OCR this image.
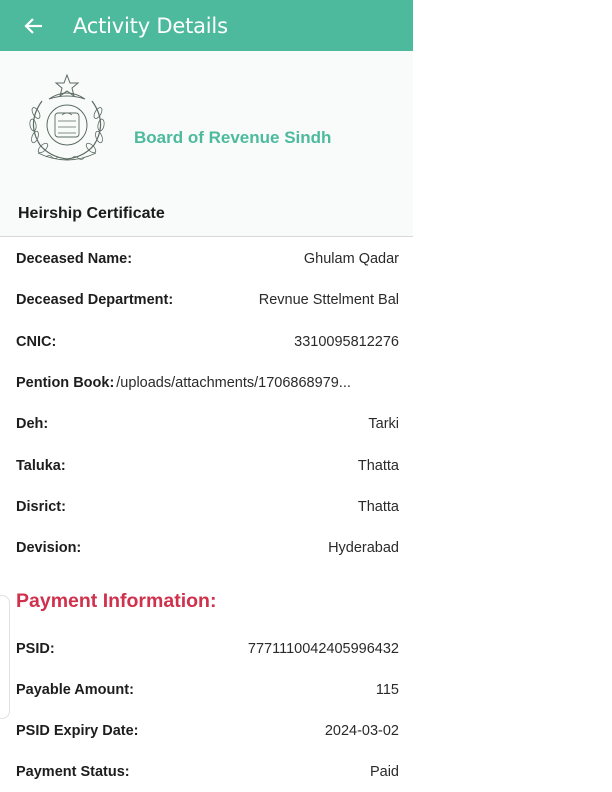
Activity Details
Board of Revenue Sindh
Heirship Certificate
Deceased Name:	Ghulam Qadar
Deceased Department:	Revnue Sttelment Bal
CNIC:	3310095812276
Pention Book: /uploads/attachments/1706868979...
Deh:	Tarki
Taluka:	Thatta
Disrict:	Thatta
Devision:	Hyderabad
Payment Information:
PSID:	7771110042405996432
Payable Amount:	115
PSID Expiry Date:	2024-03-02
Payment Status:	Paid
